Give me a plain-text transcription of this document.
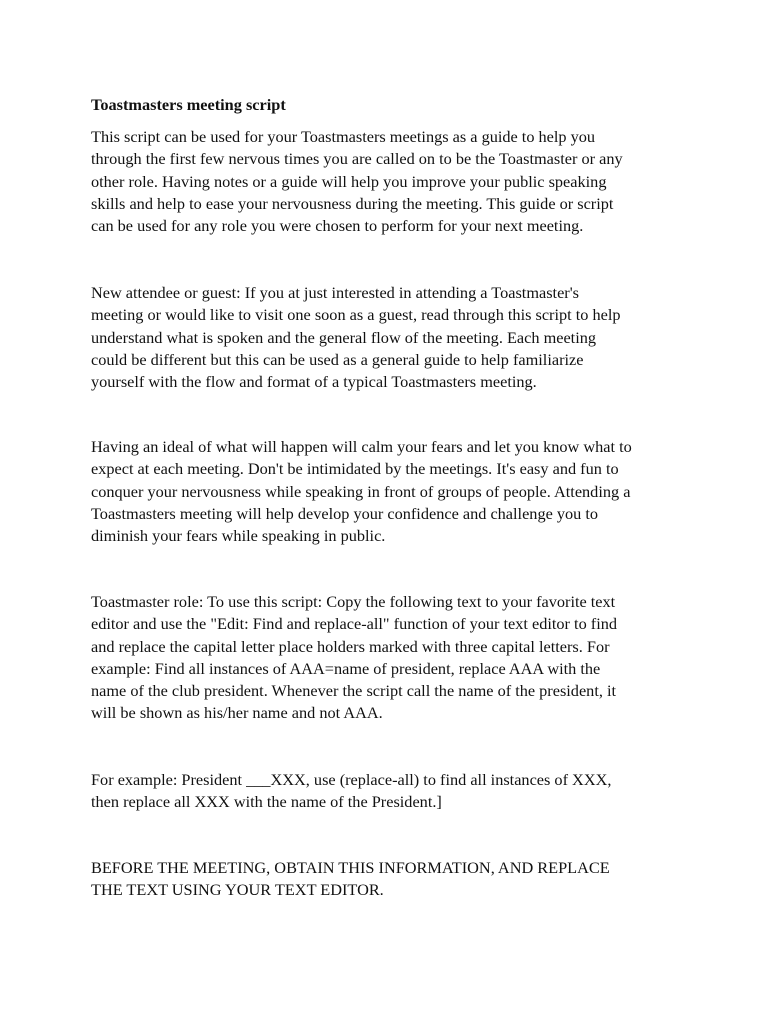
Toastmasters meeting script

This script can be used for your Toastmasters meetings as a guide to help you
through the first few nervous times you are called on to be the Toastmaster or any
other role. Having notes or a guide will help you improve your public speaking
skills and help to ease your nervousness during the meeting. This guide or script
can be used for any role you were chosen to perform for your next meeting.

New attendee or guest: If you at just interested in attending a Toastmaster's
meeting or would like to visit one soon as a guest, read through this script to help
understand what is spoken and the general flow of the meeting. Each meeting
could be different but this can be used as a general guide to help familiarize
yourself with the flow and format of a typical Toastmasters meeting.

Having an ideal of what will happen will calm your fears and let you know what to
expect at each meeting. Don't be intimidated by the meetings. It's easy and fun to
conquer your nervousness while speaking in front of groups of people. Attending a
Toastmasters meeting will help develop your confidence and challenge you to
diminish your fears while speaking in public.

Toastmaster role: To use this script: Copy the following text to your favorite text
editor and use the "Edit: Find and replace-all" function of your text editor to find
and replace the capital letter place holders marked with three capital letters. For
example: Find all instances of AAA=name of president, replace AAA with the
name of the club president. Whenever the script call the name of the president, it
will be shown as his/her name and not AAA.

For example: President ___XXX, use (replace-all) to find all instances of XXX,
then replace all XXX with the name of the President.]

BEFORE THE MEETING, OBTAIN THIS INFORMATION, AND REPLACE
THE TEXT USING YOUR TEXT EDITOR.
